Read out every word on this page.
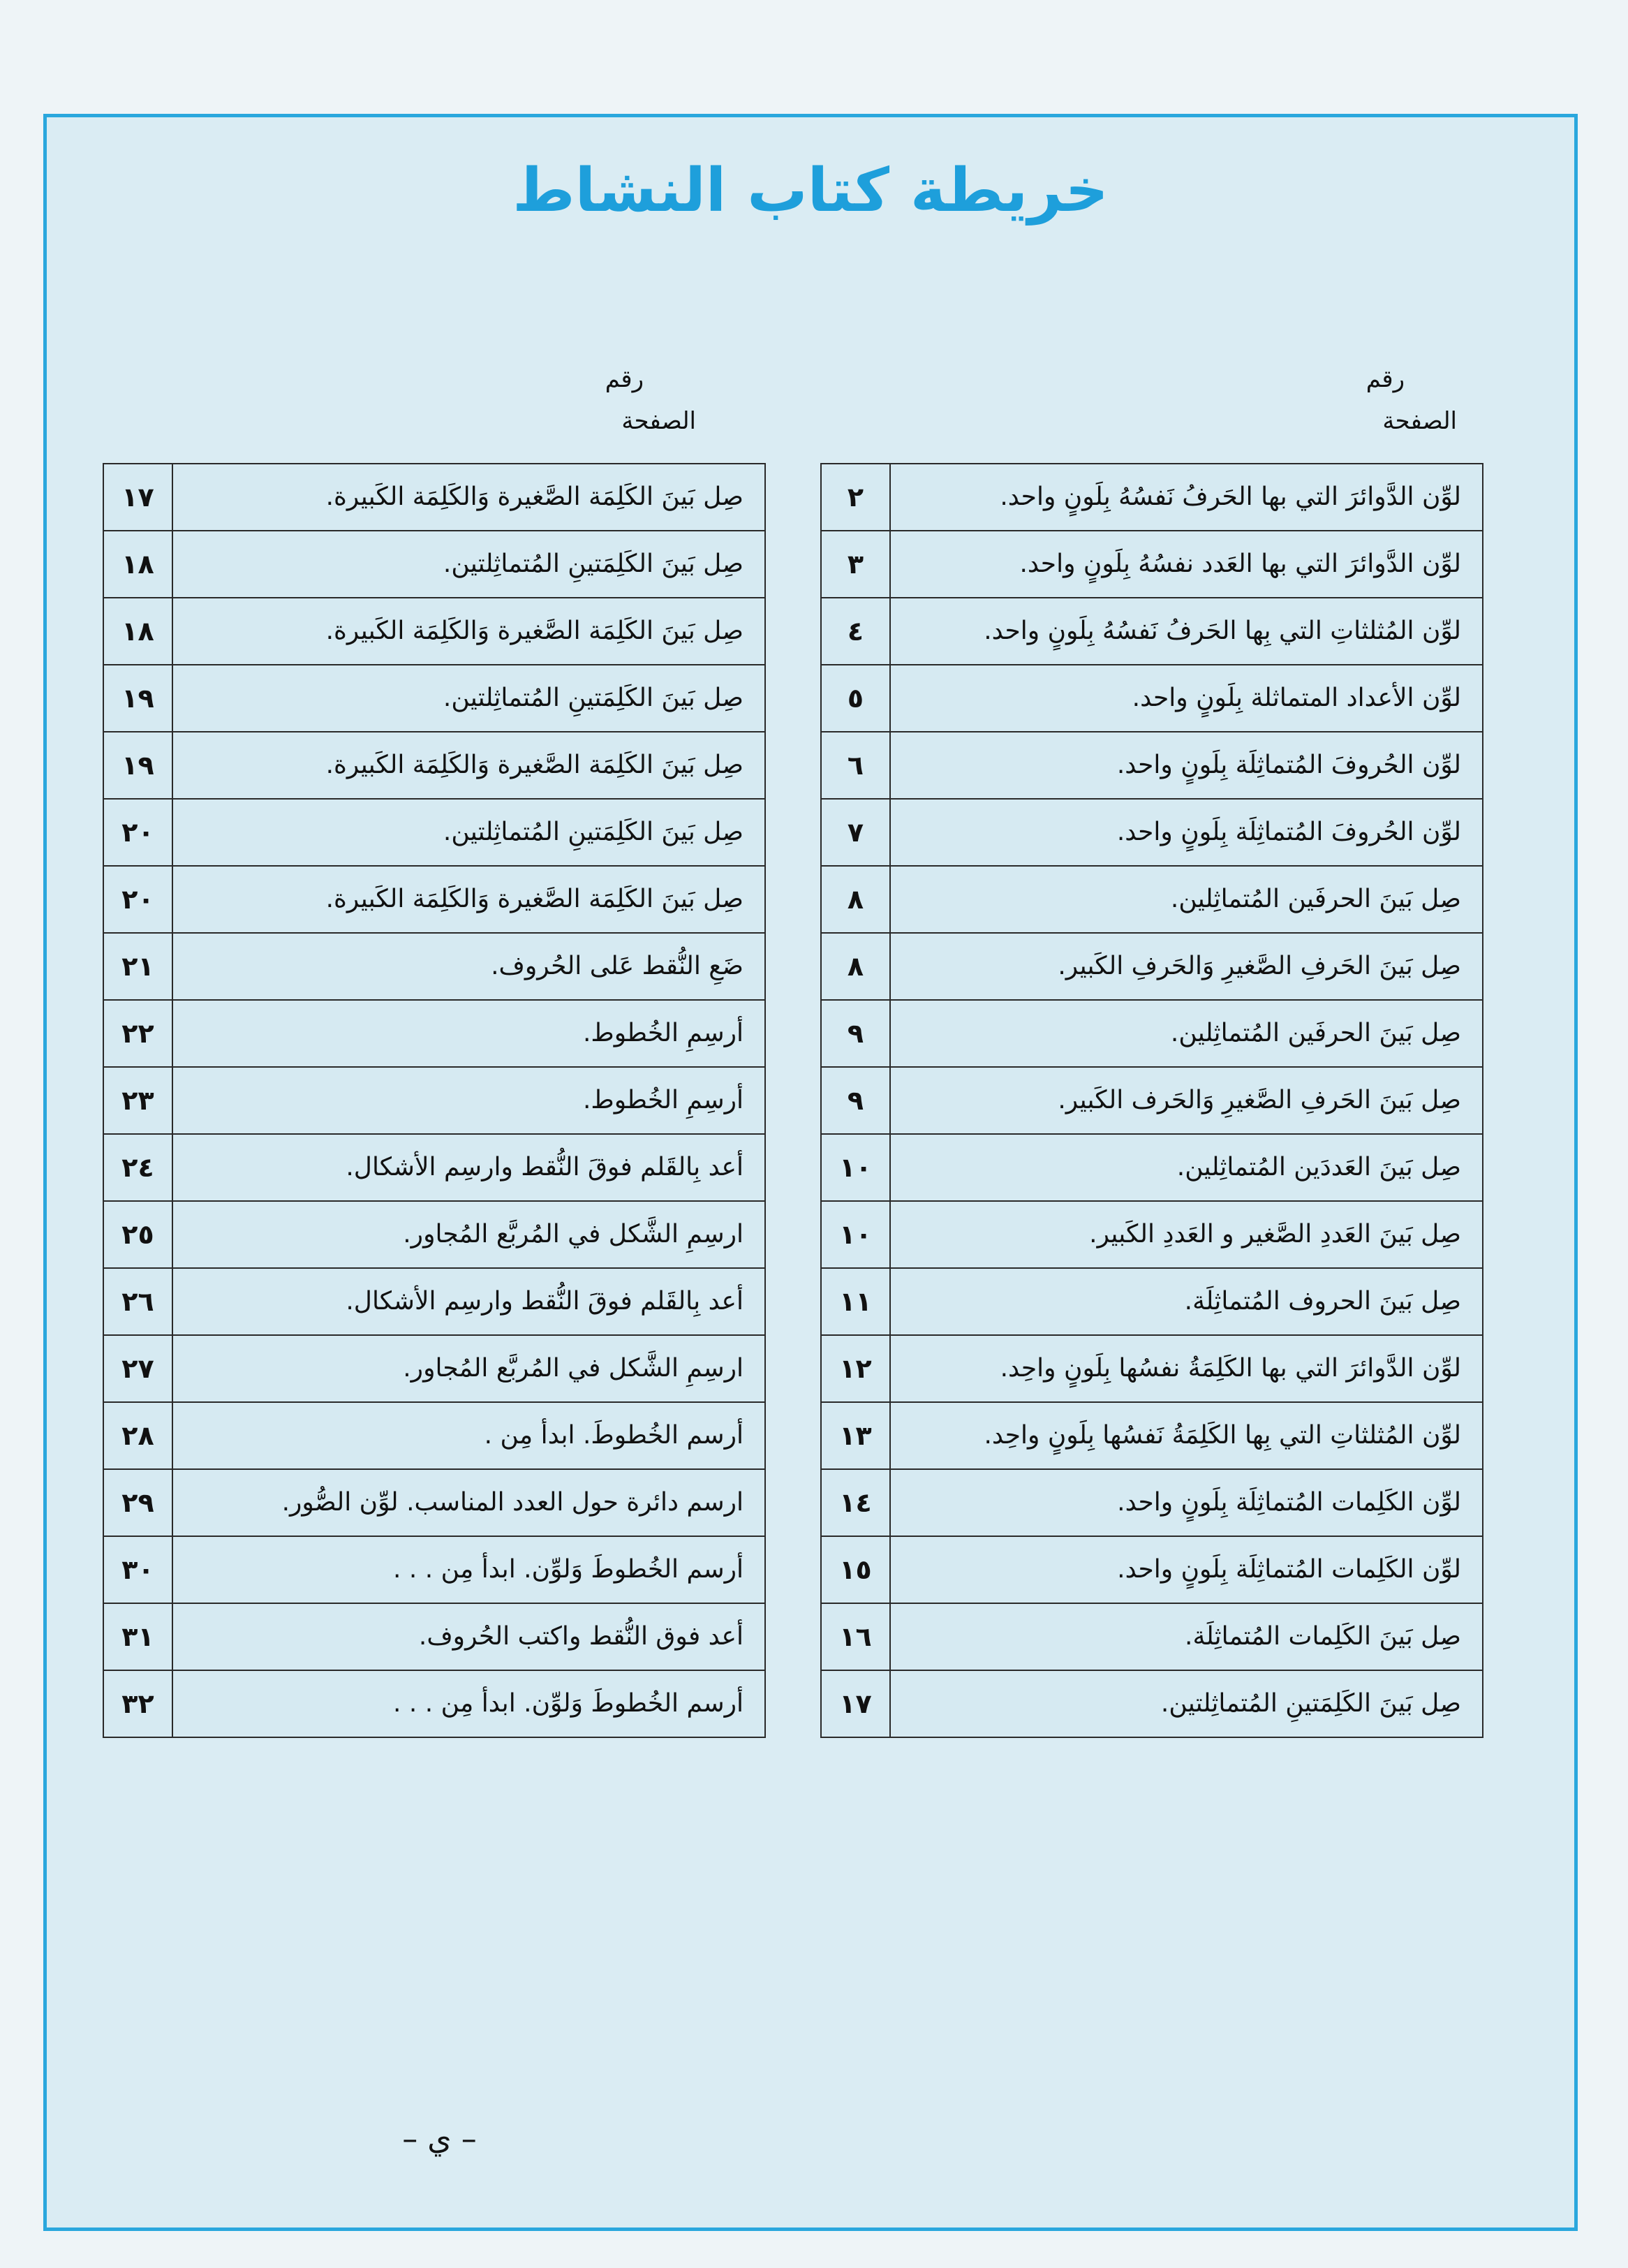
خريطة كتاب النشاط
رقم
الصفحة
رقم
الصفحة
لوِّن الدَّوائرَ التي بها الحَرفُ نَفسُهُ بِلَونٍ واحد.	٢
لوِّن الدَّوائرَ التي بها العَدد نفسُهُ بِلَونٍ واحد.	٣
لوِّن المُثلثاتِ التي بِها الحَرفُ نَفسُهُ بِلَونٍ واحد.	٤
لوِّن الأعداد المتماثلة بِلَونٍ واحد.	٥
لوِّن الحُروفَ المُتماثِلَة بِلَونٍ واحد.	٦
لوِّن الحُروفَ المُتماثِلَة بِلَونٍ واحد.	٧
صِل بَينَ الحرفَين المُتماثِلين.	٨
صِل بَينَ الحَرفِ الصَّغيرِ وَالحَرفِ الكَبير.	٨
صِل بَينَ الحرفَين المُتماثِلين.	٩
صِل بَينَ الحَرفِ الصَّغيرِ وَالحَرف الكَبير.	٩
صِل بَينَ العَددَين المُتماثِلين.	١٠
صِل بَينَ العَددِ الصَّغير و العَددِ الكَبير.	١٠
صِل بَينَ الحروف المُتماثِلَة.	١١
لوِّن الدَّوائرَ التي بها الكَلِمَةُ نفسُها بِلَونٍ واحِد.	١٢
لوِّن المُثلثاتِ التي بِها الكَلِمَةُ نَفسُها بِلَونٍ واحِد.	١٣
لوِّن الكَلِمات المُتماثِلَة بِلَونٍ واحد.	١٤
لوِّن الكَلِمات المُتماثِلَة بِلَونٍ واحد.	١٥
صِل بَينَ الكَلِمات المُتماثِلَة.	١٦
صِل بَينَ الكَلِمَتينِ المُتماثِلتين.	١٧
صِل بَينَ الكَلِمَة الصَّغيرة وَالكَلِمَة الكَبيرة.	١٧
صِل بَينَ الكَلِمَتينِ المُتماثِلتين.	١٨
صِل بَينَ الكَلِمَة الصَّغيرة وَالكَلِمَة الكَبيرة.	١٨
صِل بَينَ الكَلِمَتينِ المُتماثِلتين.	١٩
صِل بَينَ الكَلِمَة الصَّغيرة وَالكَلِمَة الكَبيرة.	١٩
صِل بَينَ الكَلِمَتينِ المُتماثِلتين.	٢٠
صِل بَينَ الكَلِمَة الصَّغيرة وَالكَلِمَة الكَبيرة.	٢٠
ضَعِ النُّقط عَلى الحُروف.	٢١
أرسِمِ الخُطوط.	٢٢
أرسِمِ الخُطوط.	٢٣
أعد بِالقَلم فوقَ النُّقط وارسِم الأشكال.	٢٤
ارسِمِ الشَّكل في المُربَّع المُجاور.	٢٥
أعد بِالقَلم فوقَ النُّقط وارسِم الأشكال.	٢٦
ارسِمِ الشَّكل في المُربَّع المُجاور.	٢٧
أرسم الخُطوطَ. ابدأ مِن .	٢٨
ارسم دائرة حول العدد المناسب. لوِّن الصُّور.	٢٩
أرسم الخُطوطَ وَلوِّن. ابدأ مِن . . .	٣٠
أعد فوق النُّقط واكتب الحُروف.	٣١
أرسم الخُطوطَ وَلوِّن. ابدأ مِن . . .	٣٢
– ي –
